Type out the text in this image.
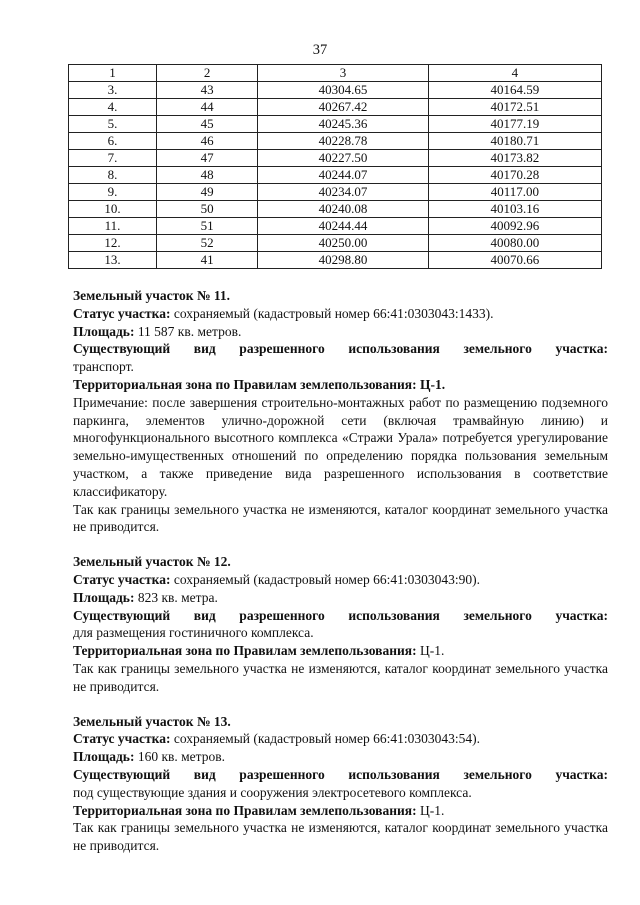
37
1	2	3	4
3.	43	40304.65	40164.59
4.	44	40267.42	40172.51
5.	45	40245.36	40177.19
6.	46	40228.78	40180.71
7.	47	40227.50	40173.82
8.	48	40244.07	40170.28
9.	49	40234.07	40117.00
10.	50	40240.08	40103.16
11.	51	40244.44	40092.96
12.	52	40250.00	40080.00
13.	41	40298.80	40070.66

Земельный участок № 11.

Статус участка: сохраняемый (кадастровый номер 66:41:0303043:1433).

Площадь: 11 587 кв. метров.

Существующий вид разрешенного использования земельного участка:

транспорт.

Территориальная зона по Правилам землепользования: Ц-1.

Примечание: после завершения строительно-монтажных работ по размещению подземного паркинга, элементов улично-дорожной сети (включая трамвайную линию) и многофункционального высотного комплекса «Стражи Урала» потребуется урегулирование земельно-имущественных отношений по определению порядка пользования земельным участком, а также приведение вида разрешенного использования в соответствие классификатору.

Так как границы земельного участка не изменяются, каталог координат земельного участка не приводится.

Земельный участок № 12.

Статус участка: сохраняемый (кадастровый номер 66:41:0303043:90).

Площадь: 823 кв. метра.

Существующий вид разрешенного использования земельного участка:

для размещения гостиничного комплекса.

Территориальная зона по Правилам землепользования: Ц-1.

Так как границы земельного участка не изменяются, каталог координат земельного участка не приводится.

Земельный участок № 13.

Статус участка: сохраняемый (кадастровый номер 66:41:0303043:54).

Площадь: 160 кв. метров.

Существующий вид разрешенного использования земельного участка:

под существующие здания и сооружения электросетевого комплекса.

Территориальная зона по Правилам землепользования: Ц-1.

Так как границы земельного участка не изменяются, каталог координат земельного участка не приводится.
